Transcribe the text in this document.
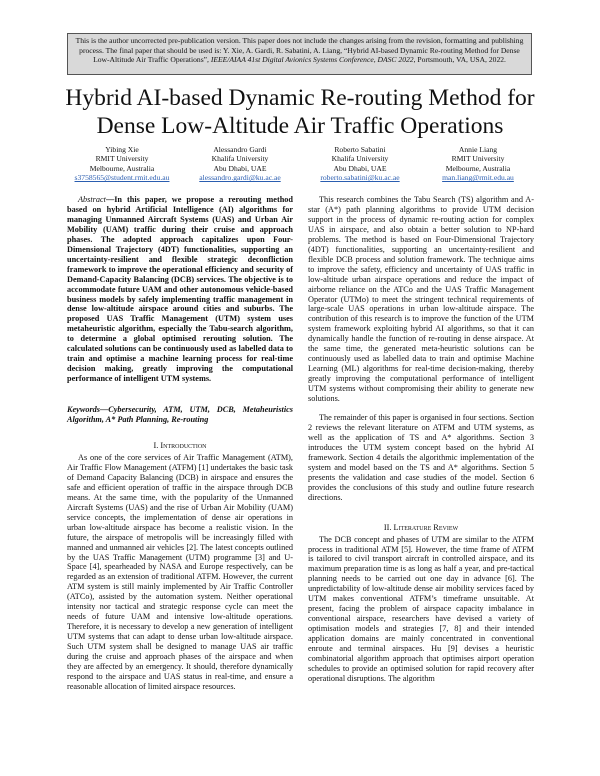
This is the author uncorrected pre-publication version. This paper does not include the changes arising from the revision, formatting and publishing process. The final paper that should be used is: Y. Xie, A. Gardi, R. Sabatini, A. Liang, “Hybrid AI-based Dynamic Re-routing Method for Dense Low-Altitude Air Traffic Operations”, IEEE/AIAA 41st Digital Avionics Systems Conference, DASC 2022, Portsmouth, VA, USA, 2022.
Hybrid AI-based Dynamic Re-routing Method for
Dense Low-Altitude Air Traffic Operations
Yibing Xie
RMIT University
Melbourne, Australia
s3758565@student.rmit.edu.au
Alessandro Gardi
Khalifa University
Abu Dhabi, UAE
alessandro.gardi@ku.ac.ae
Roberto Sabatini
Khalifa University
Abu Dhabi, UAE
roberto.sabatini@ku.ac.ae
Annie Liang
RMIT University
Melbourne, Australia
man.liang@rmit.edu.au

Abstract—In this paper, we propose a rerouting method based on hybrid Artificial Intelligence (AI) algorithms for managing Unmanned Aircraft Systems (UAS) and Urban Air Mobility (UAM) traffic during their cruise and approach phases. The adopted approach capitalizes upon Four-Dimensional Trajectory (4DT) functionalities, supporting an uncertainty-resilient and flexible strategic deconfliction framework to improve the operational efficiency and security of Demand-Capacity Balancing (DCB) services. The objective is to accommodate future UAM and other autonomous vehicle-based business models by safely implementing traffic management in dense low-altitude airspace around cities and suburbs. The proposed UAS Traffic Management (UTM) system uses metaheuristic algorithm, especially the Tabu-search algorithm, to determine a global optimised rerouting solution. The calculated solutions can be continuously used as labelled data to train and optimise a machine learning process for real-time decision making, greatly improving the computational performance of intelligent UTM systems.

Keywords—Cybersecurity, ATM, UTM, DCB, Metaheuristics Algorithm, A* Path Planning, Re-routing

I. Introduction

As one of the core services of Air Traffic Management (ATM), Air Traffic Flow Management (ATFM) [1] undertakes the basic task of Demand Capacity Balancing (DCB) in airspace and ensures the safe and efficient operation of traffic in the airspace through DCB means. At the same time, with the popularity of the Unmanned Aircraft Systems (UAS) and the rise of Urban Air Mobility (UAM) service concepts, the implementation of dense air operations in urban low-altitude airspace has become a realistic vision. In the future, the airspace of metropolis will be increasingly filled with manned and unmanned air vehicles [2]. The latest concepts outlined by the UAS Traffic Management (UTM) programme [3] and U-Space [4], spearheaded by NASA and Europe respectively, can be regarded as an extension of traditional ATFM. However, the current ATM system is still mainly implemented by Air Traffic Controller (ATCo), assisted by the automation system. Neither operational intensity nor tactical and strategic response cycle can meet the needs of future UAM and intensive low-altitude operations. Therefore, it is necessary to develop a new generation of intelligent UTM systems that can adapt to dense urban low-altitude airspace. Such UTM system shall be designed to manage UAS air traffic during the cruise and approach phases of the airspace and when they are affected by an emergency. It should, therefore dynamically respond to the airspace and UAS status in real-time, and ensure a reasonable allocation of limited airspace resources.

This research combines the Tabu Search (TS) algorithm and A-star (A*) path planning algorithms to provide UTM decision support in the process of dynamic re-routing action for complex UAS in airspace, and also obtain a better solution to NP-hard problems. The method is based on Four-Dimensional Trajectory (4DT) functionalities, supporting an uncertainty-resilient and flexible DCB process and solution framework. The technique aims to improve the safety, efficiency and uncertainty of UAS traffic in low-altitude urban airspace operations and reduce the impact of airborne reliance on the ATCo and the UAS Traffic Management Operator (UTMo) to meet the stringent technical requirements of large-scale UAS operations in urban low-altitude airspace. The contribution of this research is to improve the function of the UTM system framework exploiting hybrid AI algorithms, so that it can dynamically handle the function of re-routing in dense airspace. At the same time, the generated meta-heuristic solutions can be continuously used as labelled data to train and optimise Machine Learning (ML) algorithms for real-time decision-making, thereby greatly improving the computational performance of intelligent UTM systems without compromising their ability to generate new solutions.

The remainder of this paper is organised in four sections. Section 2 reviews the relevant literature on ATFM and UTM systems, as well as the application of TS and A* algorithms. Section 3 introduces the UTM system concept based on the hybrid AI framework. Section 4 details the algorithmic implementation of the system and model based on the TS and A* algorithms. Section 5 presents the validation and case studies of the model. Section 6 provides the conclusions of this study and outline future research directions.

II. Literature Review

The DCB concept and phases of UTM are similar to the ATFM process in traditional ATM [5]. However, the time frame of ATFM is tailored to civil transport aircraft in controlled airspace, and its maximum preparation time is as long as half a year, and pre-tactical planning needs to be carried out one day in advance [6]. The unpredictability of low-altitude dense air mobility services faced by UTM makes conventional ATFM’s timeframe unsuitable. At present, facing the problem of airspace capacity imbalance in conventional airspace, researchers have devised a variety of optimisation models and strategies [7, 8] and their intended application domains are mainly concentrated in conventional enroute and terminal airspaces. Hu [9] devises a heuristic combinatorial algorithm approach that optimises airport operation schedules to provide an optimised solution for rapid recovery after operational disruptions. The algorithm
